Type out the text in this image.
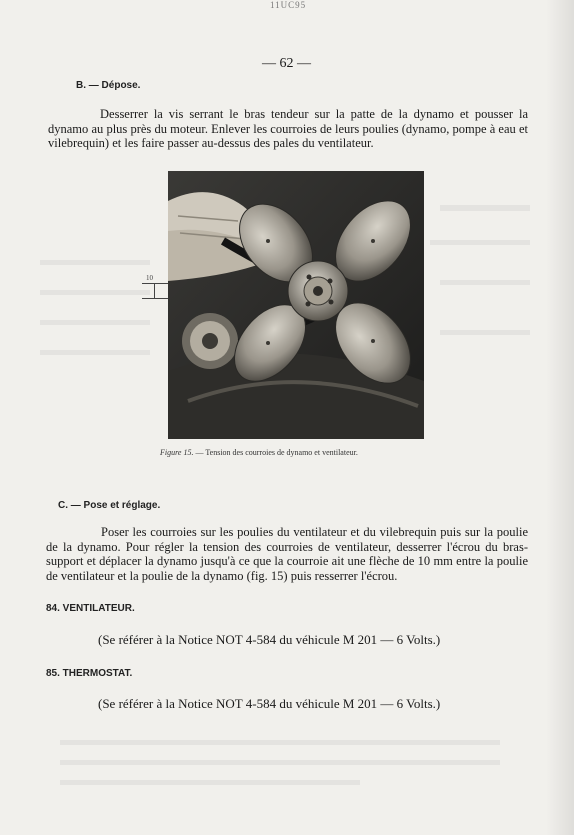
11UC95
— 62 —
B. — Dépose.

Desserrer la vis serrant le bras tendeur sur la patte de la dynamo et pousser la dynamo au plus près du moteur. Enlever les courroies de leurs poulies (dynamo, pompe à eau et vilebrequin) et les faire passer au-dessus des pales du ventilateur.

10
Figure 15. — Tension des courroies de dynamo et ventilateur.
C. — Pose et réglage.

Poser les courroies sur les poulies du ventilateur et du vilebrequin puis sur la poulie de la dynamo. Pour régler la tension des courroies de ventilateur, desserrer l'écrou du bras-support et déplacer la dynamo jusqu'à ce que la courroie ait une flèche de 10 mm entre la poulie de ventilateur et la poulie de la dynamo (fig. 15) puis resserrer l'écrou.

84. VENTILATEUR.
(Se référer à la Notice NOT 4-584 du véhicule M 201 — 6 Volts.)
85. THERMOSTAT.
(Se référer à la Notice NOT 4-584 du véhicule M 201 — 6 Volts.)
